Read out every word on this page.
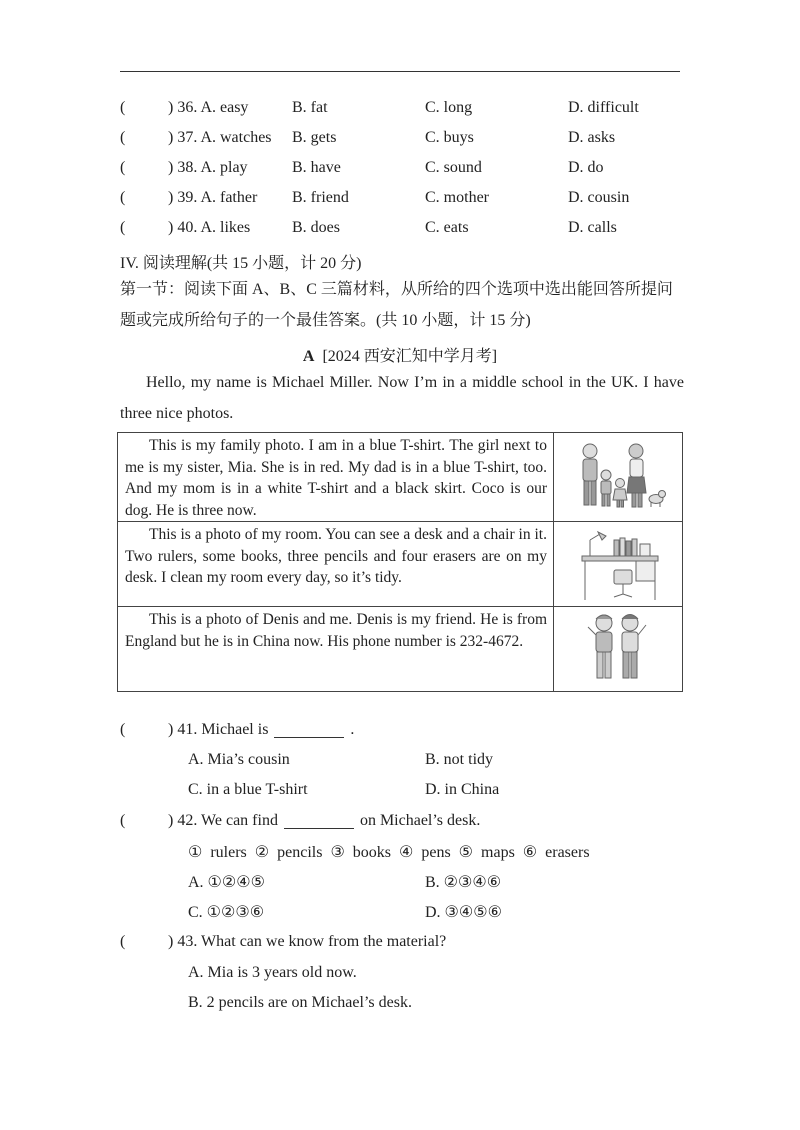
(	) 36. A. easy	B. fat	C. long	D. difficult
(	) 37. A. watches B. gets	C. buys	D. asks
(	) 38. A. play	B. have	C. sound	D. do
(	) 39. A. father B. friend	C. mother	D. cousin
(	) 40. A. likes	B. does	C. eats	D. calls
IV. 阅读理解(共 15 小题，计 20 分)
第一节：阅读下面 A、B、C 三篇材料，从所给的四个选项中选出能回答所提问题或完成所给句子的一个最佳答案。(共 10 小题，计 15 分)
A [2024 西安汇知中学月考]
Hello, my name is Michael Miller. Now I’m in a middle school in the UK. I have three nice photos.
This is my family photo. I am in a blue T-shirt. The girl next to me is my sister, Mia. She is in red. My dad is in a blue T-shirt, too. And my mom is in a white T-shirt and a black skirt. Coco is our dog. He is three now.	

This is a photo of my room. You can see a desk and a chair in it. Two rulers, some books, three pencils and four erasers are on my desk. I clean my room every day, so it’s tidy.	

This is a photo of Denis and me. Denis is my friend. He is from England but he is in China now. His phone number is 232-4672.	
(	) 41. Michael is	.
A. Mia’s cousin	B. not tidy
C. in a blue T-shirt	D. in China
(	) 42. We can find	on Michael’s desk.
① rulers ② pencils ③ books ④ pens ⑤ maps ⑥ erasers
A. ①②④⑤	B. ②③④⑥
C. ①②③⑥	D. ③④⑤⑥
(	) 43. What can we know from the material?
A. Mia is 3 years old now.
B. 2 pencils are on Michael’s desk.
